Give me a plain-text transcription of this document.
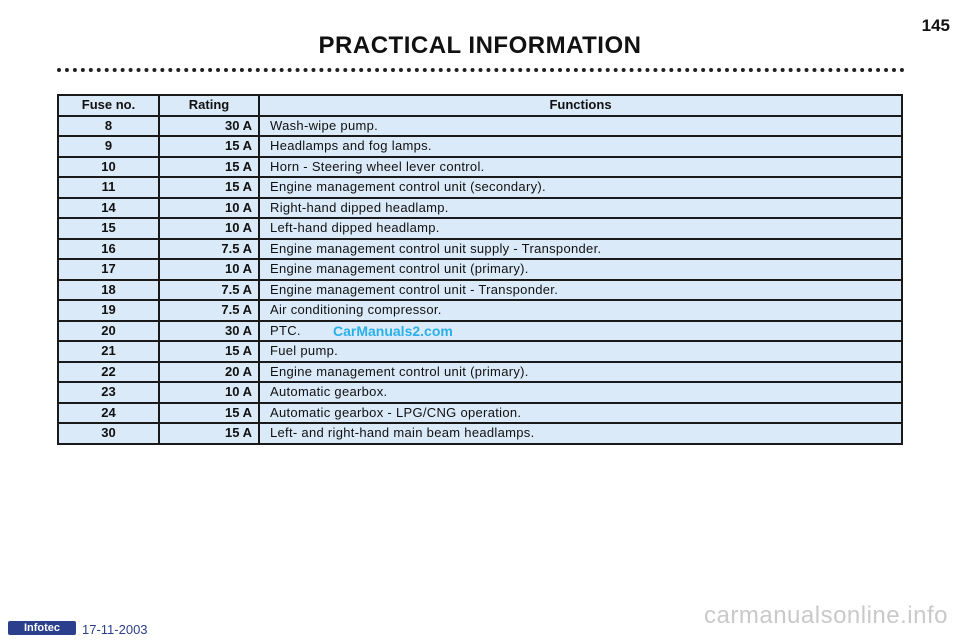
145
PRACTICAL INFORMATION
Fuse no.	Rating	Functions
8	30 A	Wash-wipe pump.
9	15 A	Headlamps and fog lamps.
10	15 A	Horn - Steering wheel lever control.
11	15 A	Engine management control unit (secondary).
14	10 A	Right-hand dipped headlamp.
15	10 A	Left-hand dipped headlamp.
16	7.5 A	Engine management control unit supply - Transponder.
17	10 A	Engine management control unit (primary).
18	7.5 A	Engine management control unit - Transponder.
19	7.5 A	Air conditioning compressor.
20	30 A	PTC.
21	15 A	Fuel pump.
22	20 A	Engine management control unit (primary).
23	10 A	Automatic gearbox.
24	15 A	Automatic gearbox - LPG/CNG operation.
30	15 A	Left- and right-hand main beam headlamps.
CarManuals2.com
Infotec	17-11-2003
carmanualsonline.info
